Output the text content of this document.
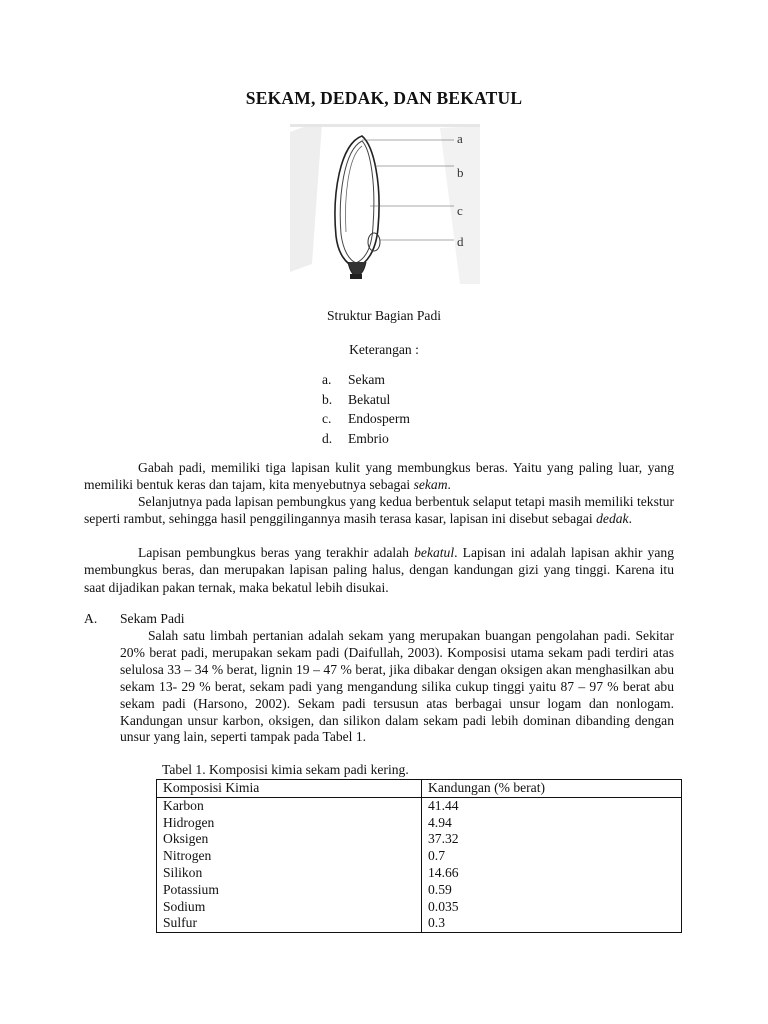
SEKAM, DEDAK, DAN BEKATUL
a
b
c
d
Struktur Bagian Padi
Keterangan :
a. Sekam
b. Bekatul
c. Endosperm
d. Embrio

Gabah padi, memiliki tiga lapisan kulit yang membungkus beras. Yaitu yang paling luar, yang memiliki bentuk keras dan tajam, kita menyebutnya sebagai sekam.

Selanjutnya pada lapisan pembungkus yang kedua berbentuk selaput tetapi masih memiliki tekstur seperti rambut, sehingga hasil penggilingannya masih terasa kasar, lapisan ini disebut sebagai dedak.

Lapisan pembungkus beras yang terakhir adalah bekatul. Lapisan ini adalah lapisan akhir yang membungkus beras, dan merupakan lapisan paling halus, dengan kandungan gizi yang tinggi. Karena itu saat dijadikan pakan ternak, maka bekatul lebih disukai.

A. Sekam Padi

Salah satu limbah pertanian adalah sekam yang merupakan buangan pengolahan padi. Sekitar 20% berat padi, merupakan sekam padi (Daifullah, 2003). Komposisi utama sekam padi terdiri atas selulosa 33 – 34 % berat, lignin 19 – 47 % berat, jika dibakar dengan oksigen akan menghasilkan abu sekam 13- 29 % berat, sekam padi yang mengandung silika cukup tinggi yaitu 87 – 97 % berat abu sekam padi (Harsono, 2002). Sekam padi tersusun atas berbagai unsur logam dan nonlogam. Kandungan unsur karbon, oksigen, dan silikon dalam sekam padi lebih dominan dibanding dengan unsur yang lain, seperti tampak pada Tabel 1.

Tabel 1. Komposisi kimia sekam padi kering.
Komposisi Kimia	Kandungan (% berat)
Karbon	41.44
Hidrogen	4.94
Oksigen	37.32
Nitrogen	0.7
Silikon	14.66
Potassium	0.59
Sodium	0.035
Sulfur	0.3
